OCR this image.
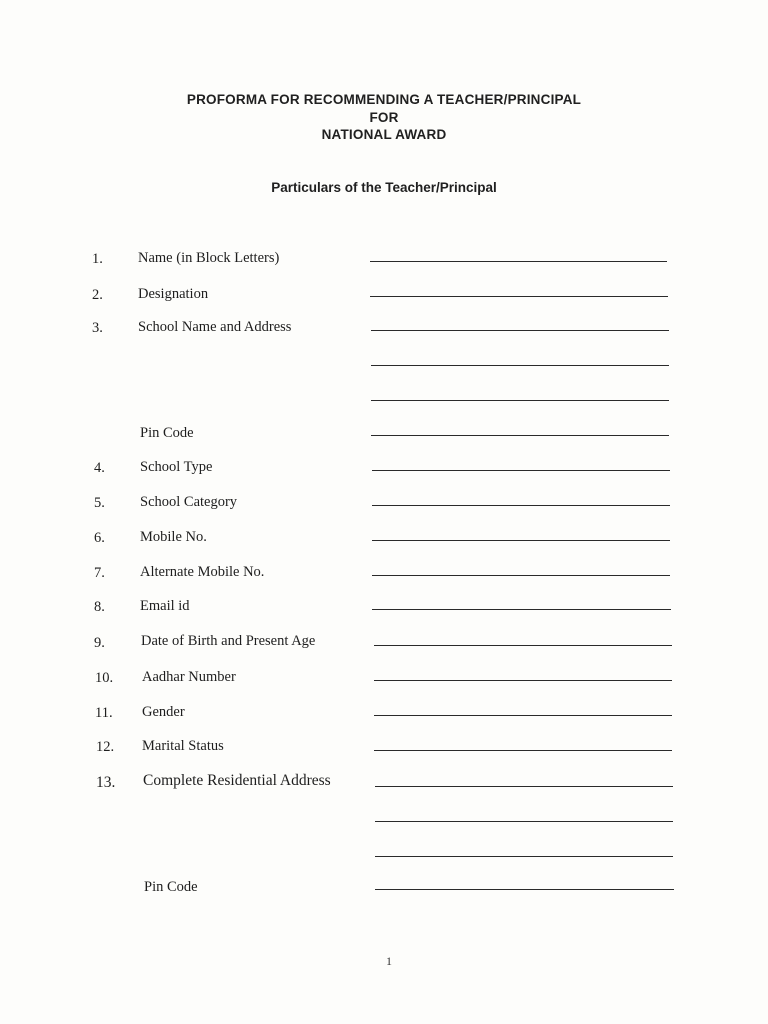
PROFORMA FOR RECOMMENDING A TEACHER/PRINCIPAL
FOR
NATIONAL AWARD
Particulars of the Teacher/Principal
1. Name (in Block Letters)
2. Designation
3. School Name and Address
Pin Code
4. School Type
5. School Category
6. Mobile No.
7. Alternate Mobile No.
8. Email id
9. Date of Birth and Present Age
10. Aadhar Number
11. Gender
12. Marital Status
13. Complete Residential Address
Pin Code
1
